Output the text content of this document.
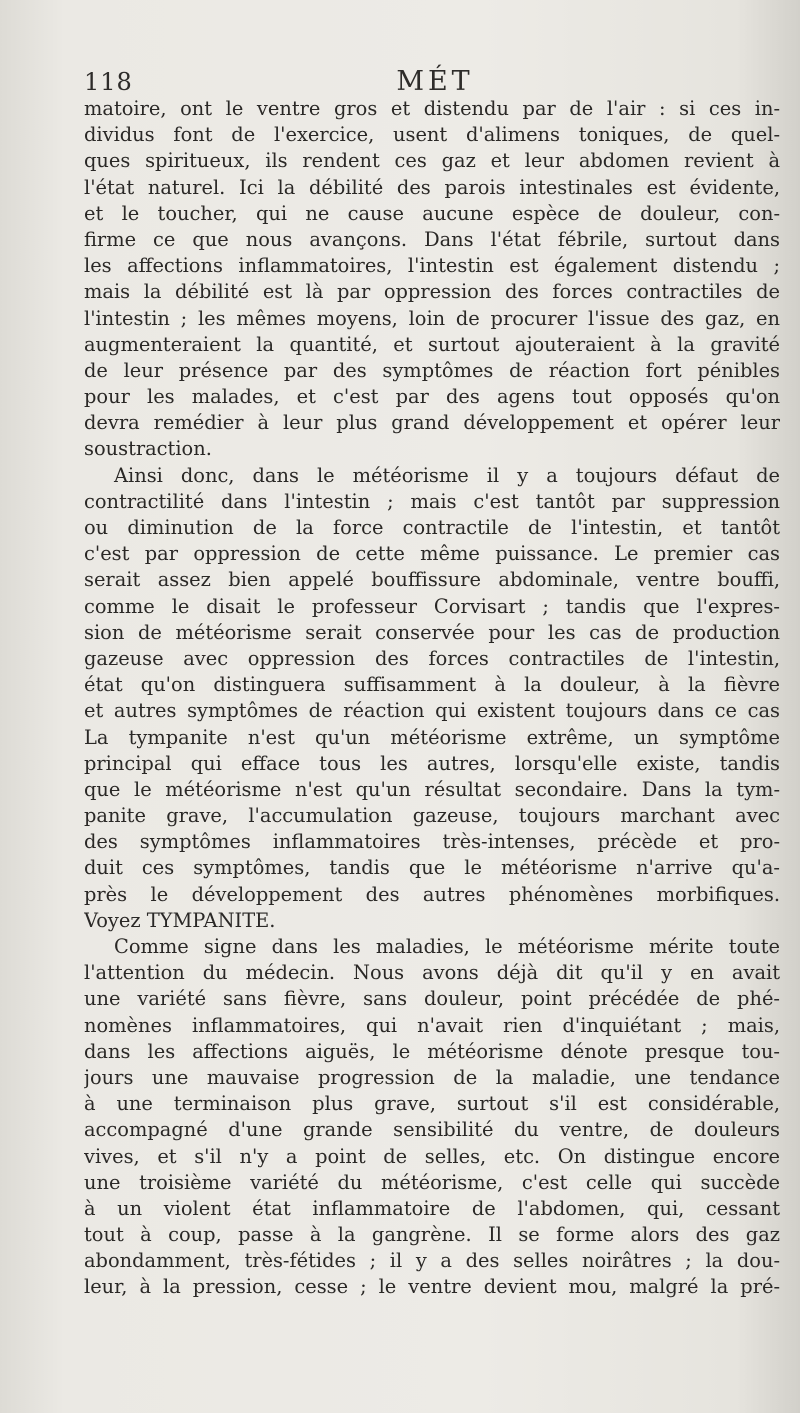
118	MÉT
matoire, ont le ventre gros et distendu par de l'air : si ces in-
dividus font de l'exercice, usent d'alimens toniques, de quel-
ques spiritueux, ils rendent ces gaz et leur abdomen revient à
l'état naturel. Ici la débilité des parois intestinales est évidente,
et le toucher, qui ne cause aucune espèce de douleur, con-
firme ce que nous avançons. Dans l'état fébrile, surtout dans
les affections inflammatoires, l'intestin est également distendu ;
mais la débilité est là par oppression des forces contractiles de
l'intestin ; les mêmes moyens, loin de procurer l'issue des gaz, en
augmenteraient la quantité, et surtout ajouteraient à la gravité
de leur présence par des symptômes de réaction fort pénibles
pour les malades, et c'est par des agens tout opposés qu'on
devra remédier à leur plus grand développement et opérer leur
soustraction.
Ainsi donc, dans le météorisme il y a toujours défaut de
contractilité dans l'intestin ; mais c'est tantôt par suppression
ou diminution de la force contractile de l'intestin, et tantôt
c'est par oppression de cette même puissance. Le premier cas
serait assez bien appelé bouffissure abdominale, ventre bouffi,
comme le disait le professeur Corvisart ; tandis que l'expres-
sion de météorisme serait conservée pour les cas de production
gazeuse avec oppression des forces contractiles de l'intestin,
état qu'on distinguera suffisamment à la douleur, à la fièvre
et autres symptômes de réaction qui existent toujours dans ce cas
La tympanite n'est qu'un météorisme extrême, un symptôme
principal qui efface tous les autres, lorsqu'elle existe, tandis
que le météorisme n'est qu'un résultat secondaire. Dans la tym-
panite grave, l'accumulation gazeuse, toujours marchant avec
des symptômes inflammatoires très-intenses, précède et pro-
duit ces symptômes, tandis que le météorisme n'arrive qu'a-
près le développement des autres phénomènes morbifiques.
Voyez TYMPANITE.
Comme signe dans les maladies, le météorisme mérite toute
l'attention du médecin. Nous avons déjà dit qu'il y en avait
une variété sans fièvre, sans douleur, point précédée de phé-
nomènes inflammatoires, qui n'avait rien d'inquiétant ; mais,
dans les affections aiguës, le météorisme dénote presque tou-
jours une mauvaise progression de la maladie, une tendance
à une terminaison plus grave, surtout s'il est considérable,
accompagné d'une grande sensibilité du ventre, de douleurs
vives, et s'il n'y a point de selles, etc. On distingue encore
une troisième variété du météorisme, c'est celle qui succède
à un violent état inflammatoire de l'abdomen, qui, cessant
tout à coup, passe à la gangrène. Il se forme alors des gaz
abondamment, très-fétides ; il y a des selles noirâtres ; la dou-
leur, à la pression, cesse ; le ventre devient mou, malgré la pré-
